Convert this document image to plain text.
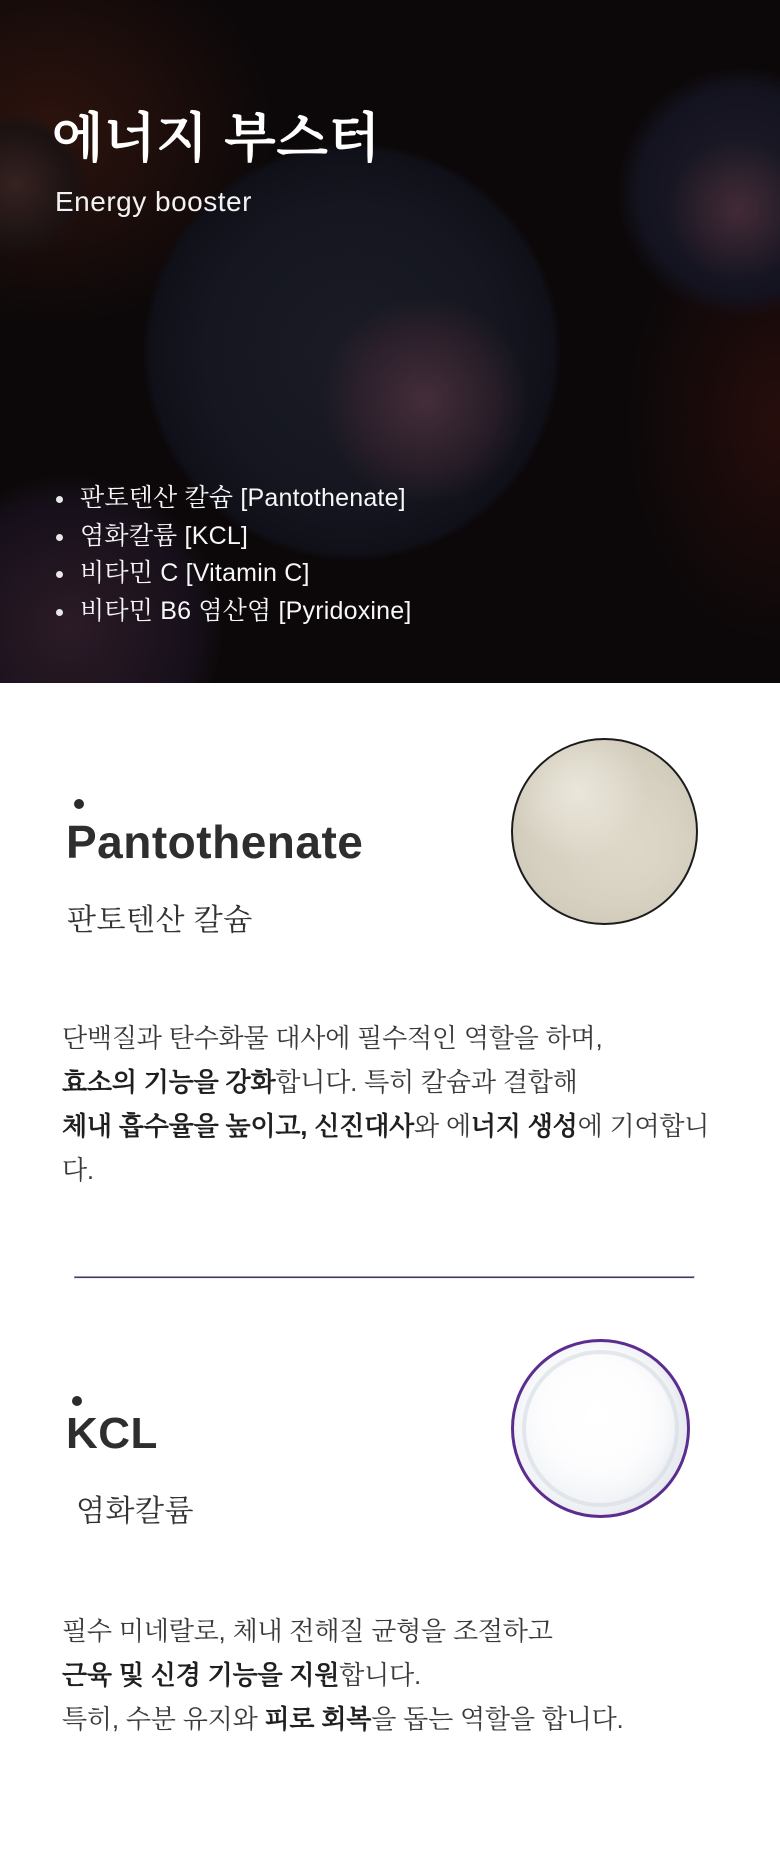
에너지 부스터

Energy booster

판토텐산 칼슘 [Pantothenate]
염화칼륨 [KCL]
비타민 C [Vitamin C]
비타민 B6 염산염 [Pyridoxine]
Pantothenate
판토텐산 칼슘

단백질과 탄수화물 대사에 필수적인 역할을 하며,
효소의 기능을 강화합니다. 특히 칼슘과 결합해
체내 흡수율을 높이고, 신진대사와 에너지 생성에 기여합니다.

KCL
염화칼륨

필수 미네랄로, 체내 전해질 균형을 조절하고
근육 및 신경 기능을 지원합니다.
특히, 수분 유지와 피로 회복을 돕는 역할을 합니다.
